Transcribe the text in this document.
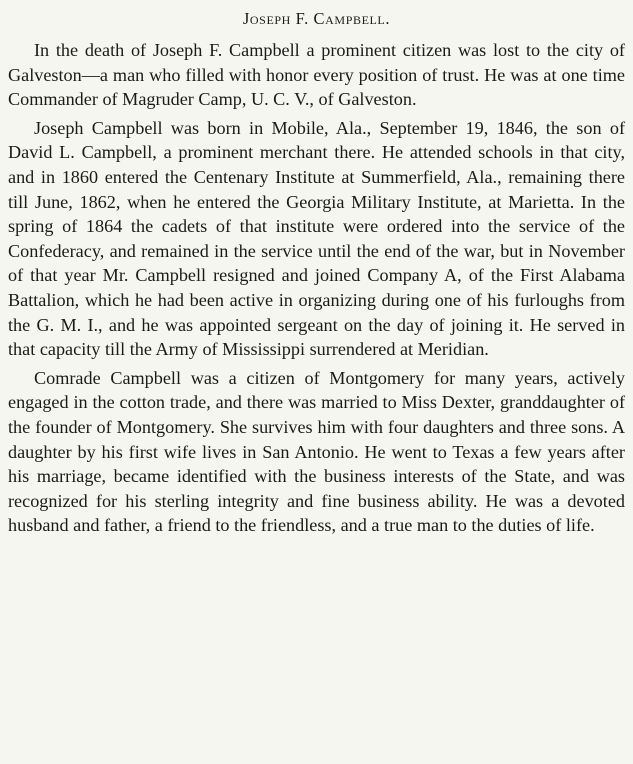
Joseph F. Campbell.

In the death of Joseph F. Campbell a prominent citizen was lost to the city of Galveston—a man who filled with honor every position of trust. He was at one time Commander of Magruder Camp, U. C. V., of Galveston.

Joseph Campbell was born in Mobile, Ala., September 19, 1846, the son of David L. Campbell, a prominent merchant there. He attended schools in that city, and in 1860 entered the Centenary Institute at Summerfield, Ala., remaining there till June, 1862, when he entered the Georgia Military Institute, at Marietta. In the spring of 1864 the cadets of that institute were ordered into the service of the Confederacy, and remained in the service until the end of the war, but in November of that year Mr. Campbell resigned and joined Company A, of the First Alabama Battalion, which he had been active in organizing during one of his furloughs from the G. M. I., and he was appointed sergeant on the day of joining it. He served in that capacity till the Army of Mississippi surrendered at Meridian.

Comrade Campbell was a citizen of Montgomery for many years, actively engaged in the cotton trade, and there was married to Miss Dexter, granddaughter of the founder of Montgomery. She survives him with four daughters and three sons. A daughter by his first wife lives in San Antonio. He went to Texas a few years after his marriage, became identified with the business interests of the State, and was recognized for his sterling integrity and fine business ability. He was a devoted husband and father, a friend to the friendless, and a true man to the duties of life.
